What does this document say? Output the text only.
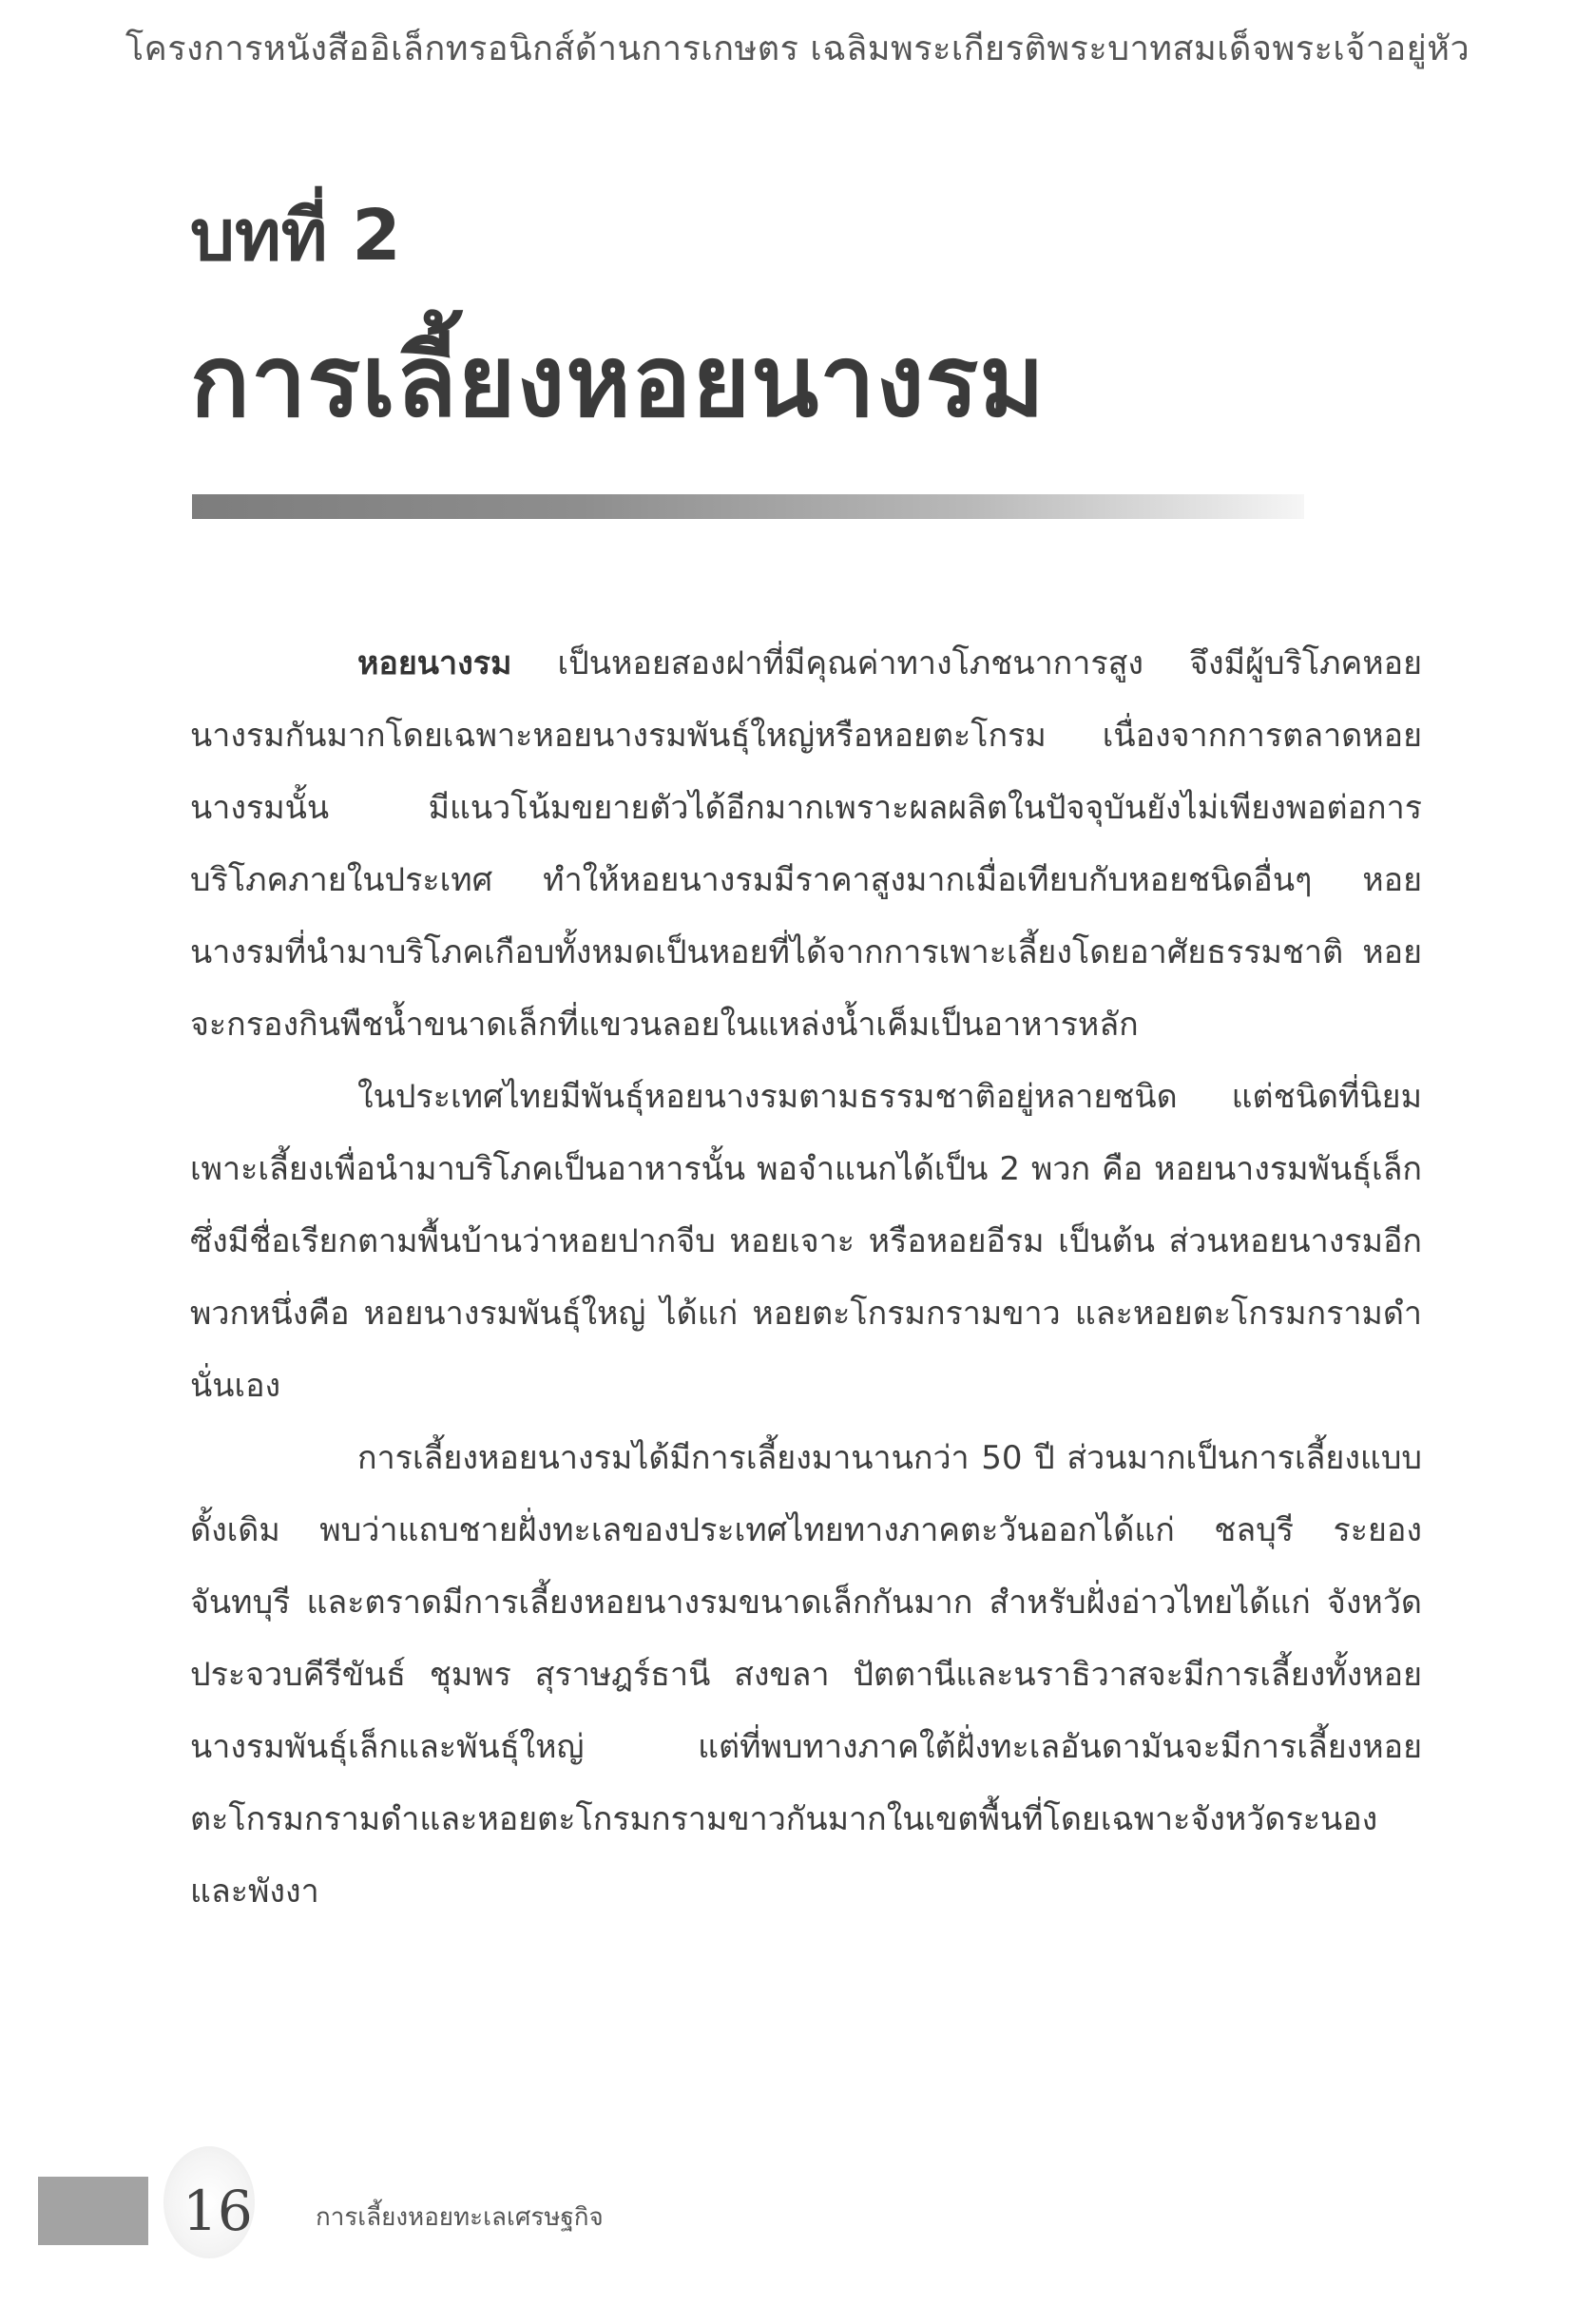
โครงการหนังสืออิเล็กทรอนิกส์ด้านการเกษตร เฉลิมพระเกียรติพระบาทสมเด็จพระเจ้าอยู่หัว
บทที่ 2
การเลี้ยงหอยนางรม

หอยนางรม เป็นหอยสองฝาที่มีคุณค่าทางโภชนาการสูง จึงมีผู้บริโภคหอยนางรมกันมากโดยเฉพาะหอยนางรมพันธุ์ใหญ่หรือหอยตะโกรม เนื่องจากการตลาดหอยนางรมนั้น มีแนวโน้มขยายตัวได้อีกมากเพราะผลผลิตในปัจจุบันยังไม่เพียงพอต่อการบริโภคภายในประเทศ ทำให้หอยนางรมมีราคาสูงมากเมื่อเทียบกับหอยชนิดอื่นๆ หอยนางรมที่นำมาบริโภคเกือบทั้งหมดเป็นหอยที่ได้จากการเพาะเลี้ยงโดยอาศัยธรรมชาติ หอยจะกรองกินพืชน้ำขนาดเล็กที่แขวนลอยในแหล่งน้ำเค็มเป็นอาหารหลัก

ในประเทศไทยมีพันธุ์หอยนางรมตามธรรมชาติอยู่หลายชนิด แต่ชนิดที่นิยมเพาะเลี้ยงเพื่อนำมาบริโภคเป็นอาหารนั้น พอจำแนกได้เป็น 2 พวก คือ หอยนางรมพันธุ์เล็ก ซึ่งมีชื่อเรียกตามพื้นบ้านว่าหอยปากจีบ หอยเจาะ หรือหอยอีรม เป็นต้น ส่วนหอยนางรมอีกพวกหนึ่งคือ หอยนางรมพันธุ์ใหญ่ ได้แก่ หอยตะโกรมกรามขาว และหอยตะโกรมกรามดำ นั่นเอง

การเลี้ยงหอยนางรมได้มีการเลี้ยงมานานกว่า 50 ปี ส่วนมากเป็นการเลี้ยงแบบดั้งเดิม พบว่าแถบชายฝั่งทะเลของประเทศไทยทางภาคตะวันออกได้แก่ ชลบุรี ระยอง จันทบุรี และตราดมีการเลี้ยงหอยนางรมขนาดเล็กกันมาก สำหรับฝั่งอ่าวไทยได้แก่ จังหวัดประจวบคีรีขันธ์ ชุมพร สุราษฎร์ธานี สงขลา ปัตตานีและนราธิวาสจะมีการเลี้ยงทั้งหอยนางรมพันธุ์เล็กและพันธุ์ใหญ่ แต่ที่พบทางภาคใต้ฝั่งทะเลอันดามันจะมีการเลี้ยงหอยตะโกรมกรามดำและหอยตะโกรมกรามขาวกันมากในเขตพื้นที่โดยเฉพาะจังหวัดระนองและพังงา

16	การเลี้ยงหอยทะเลเศรษฐกิจ
